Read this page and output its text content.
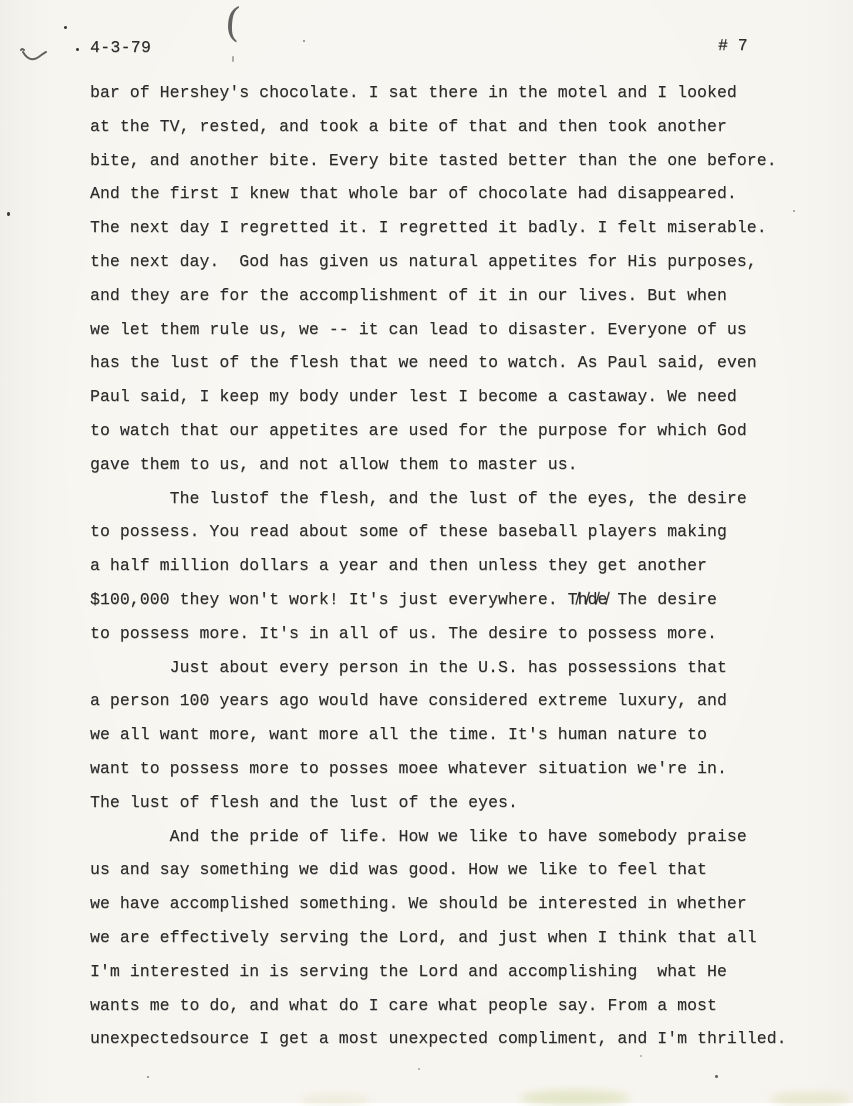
(
4-3-79	# 7
bar of Hershey's chocolate. I sat there in the motel and I looked
at the TV, rested, and took a bite of that and then took another
bite, and another bite. Every bite tasted better than the one before.
And the first I knew that whole bar of chocolate had disappeared.
The next day I regretted it. I regretted it badly. I felt miserable.
the next day.  God has given us natural appetites for His purposes,
and they are for the accomplishment of it in our lives. But when
we let them rule us, we -- it can lead to disaster. Everyone of us
has the lust of the flesh that we need to watch. As Paul said, even
Paul said, I keep my body under lest I become a castaway. We need
to watch that our appetites are used for the purpose for which God
gave them to us, and not allow them to master us.
The lustof the flesh, and the lust of the eyes, the desire
to possess. You read about some of these baseball players making
a half million dollars a year and then unless they get another
$100,000 they won't work! It's just everywhere. T̸h̸d̸e̸ The desire
to possess more. It's in all of us. The desire to possess more.
Just about every person in the U.S. has possessions that
a person 100 years ago would have considered extreme luxury, and
we all want more, want more all the time. It's human nature to
want to possess more to posses moee whatever situation we're in.
The lust of flesh and the lust of the eyes.
And the pride of life. How we like to have somebody praise
us and say something we did was good. How we like to feel that
we have accomplished something. We should be interested in whether
we are effectively serving the Lord, and just when I think that all
I'm interested in is serving the Lord and accomplishing  what He
wants me to do, and what do I care what people say. From a most
unexpectedsource I get a most unexpected compliment, and I'm thrilled.
